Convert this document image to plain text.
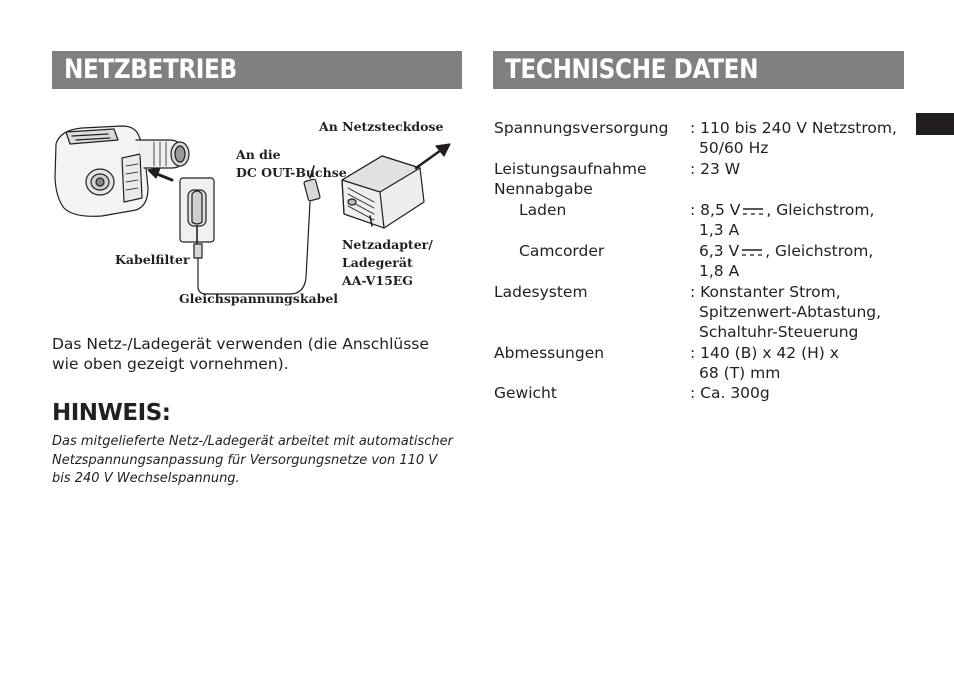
NETZBETRIEB	TECHNISCHE DATEN
An Netzsteckdose
An die
DC OUT-Buchse
Kabelfilter
Netzadapter/
Ladegerät
AA-V15EG
Gleichspannungskabel
Das Netz-/Ladegerät verwenden (die Anschlüsse
wie oben gezeigt vornehmen).
HINWEIS:
Das mitgelieferte Netz-/Ladegerät arbeitet mit automatischer
Netzspannungsanpassung für Versorgungsnetze von 110 V
bis 240 V Wechselspannung.
Spannungsversorgung : 110 bis 240 V Netzstrom,
50/60 Hz
Leistungsaufnahme	: 23 W
Nennabgabe
Laden	: 8,5 V , Gleichstrom,
1,3 A
Camcorder	6,3 V , Gleichstrom,
1,8 A
Ladesystem	: Konstanter Strom,
Spitzenwert-Abtastung,
Schaltuhr-Steuerung
Abmessungen	: 140 (B) x 42 (H) x
68 (T) mm
Gewicht	: Ca. 300g
